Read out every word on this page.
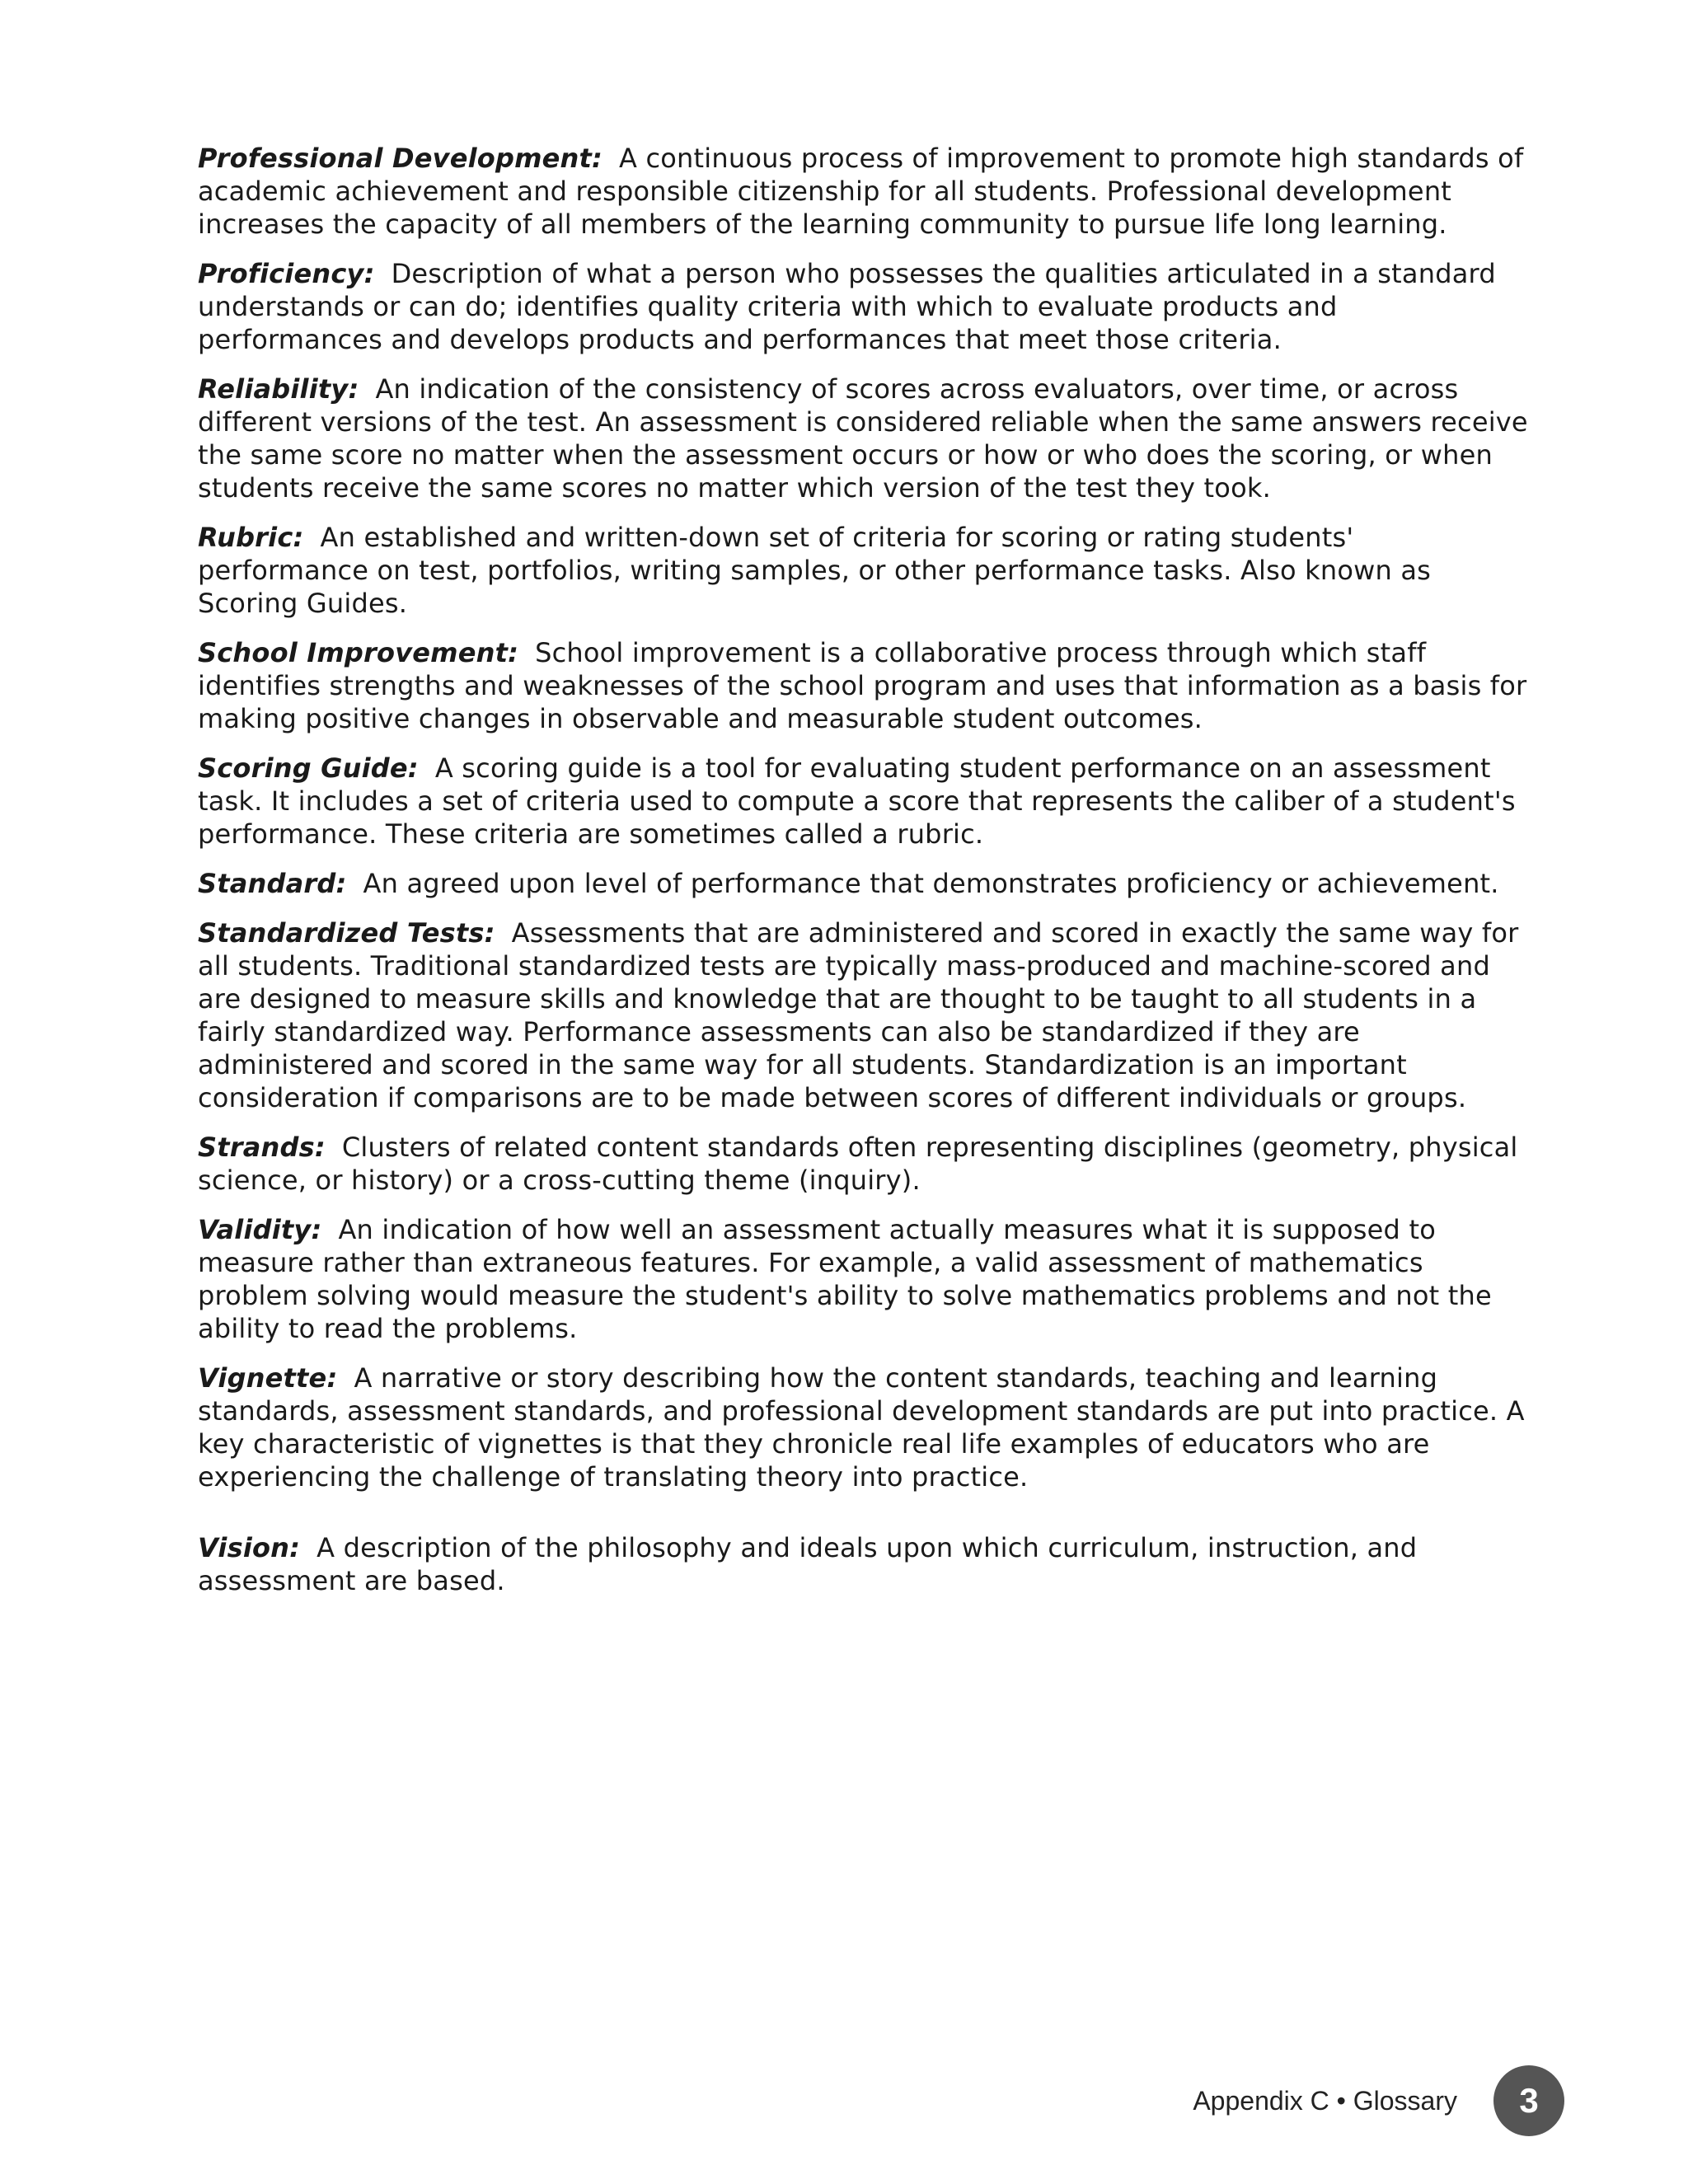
Professional Development: A continuous process of improvement to promote high standards of academic achievement and responsible citizenship for all students. Professional development increases the capacity of all members of the learning community to pursue life long learning.

Proficiency: Description of what a person who possesses the qualities articulated in a standard understands or can do; identifies quality criteria with which to evaluate products and performances and develops products and performances that meet those criteria.

Reliability: An indication of the consistency of scores across evaluators, over time, or across different versions of the test. An assessment is considered reliable when the same answers receive the same score no matter when the assessment occurs or how or who does the scoring, or when students receive the same scores no matter which version of the test they took.

Rubric: An established and written-down set of criteria for scoring or rating students' performance on test, portfolios, writing samples, or other performance tasks. Also known as Scoring Guides.

School Improvement: School improvement is a collaborative process through which staff identifies strengths and weaknesses of the school program and uses that information as a basis for making positive changes in observable and measurable student outcomes.

Scoring Guide: A scoring guide is a tool for evaluating student performance on an assessment task. It includes a set of criteria used to compute a score that represents the caliber of a student's performance. These criteria are sometimes called a rubric.

Standard: An agreed upon level of performance that demonstrates proficiency or achievement.

Standardized Tests: Assessments that are administered and scored in exactly the same way for all students. Traditional standardized tests are typically mass-produced and machine-scored and are designed to measure skills and knowledge that are thought to be taught to all students in a fairly standardized way. Performance assessments can also be standardized if they are administered and scored in the same way for all students. Standardization is an important consideration if comparisons are to be made between scores of different individuals or groups.

Strands: Clusters of related content standards often representing disciplines (geometry, physical science, or history) or a cross-cutting theme (inquiry).

Validity: An indication of how well an assessment actually measures what it is supposed to measure rather than extraneous features. For example, a valid assessment of mathematics problem solving would measure the student's ability to solve mathematics problems and not the ability to read the problems.

Vignette: A narrative or story describing how the content standards, teaching and learning standards, assessment standards, and professional development standards are put into practice. A key characteristic of vignettes is that they chronicle real life examples of educators who are experiencing the challenge of translating theory into practice.

Vision: A description of the philosophy and ideals upon which curriculum, instruction, and assessment are based.

Appendix C • Glossary	3
